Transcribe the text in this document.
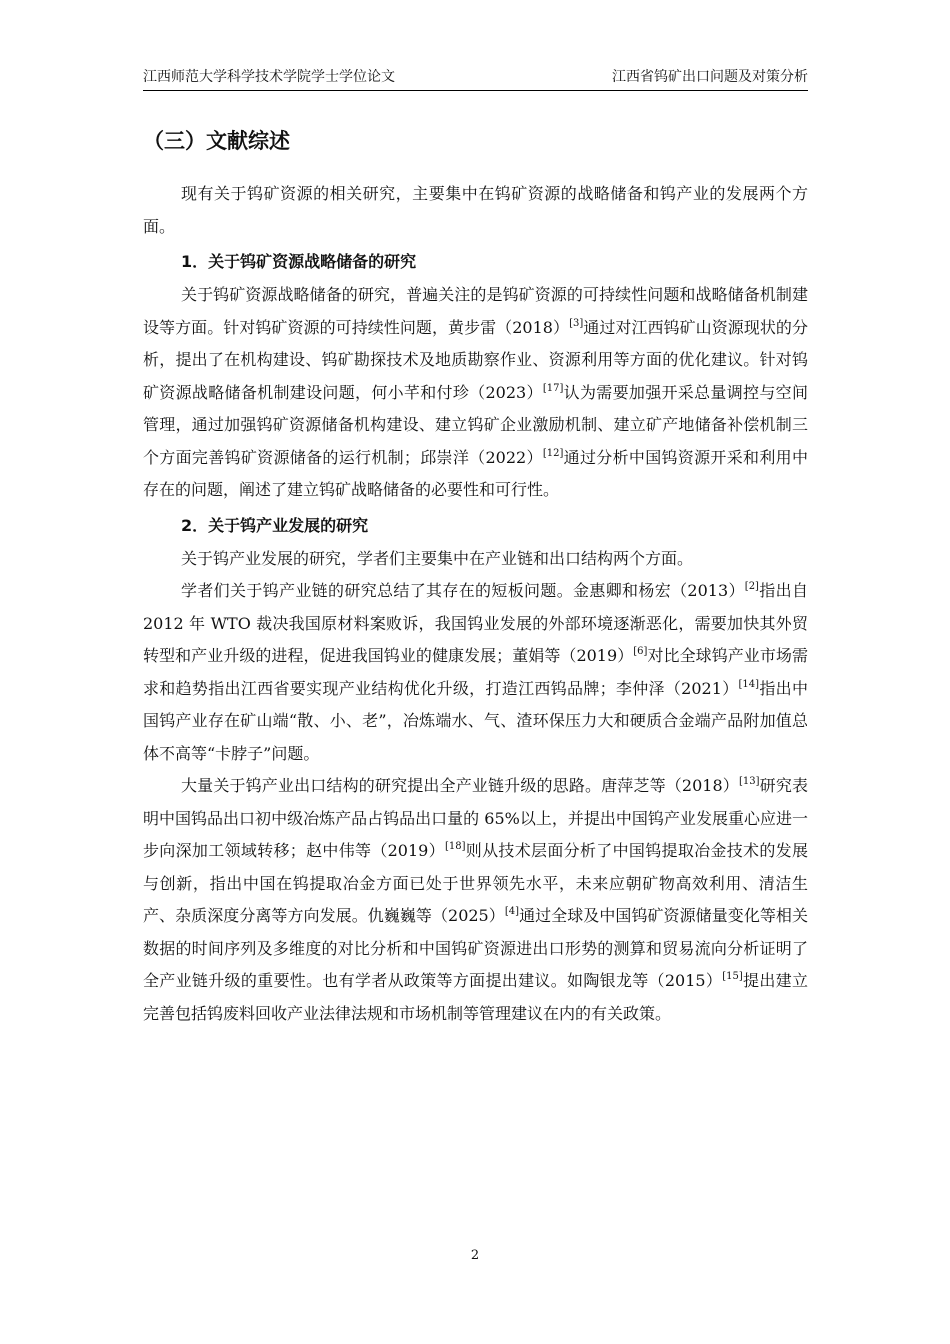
江西师范大学科学技术学院学士学位论文	江西省钨矿出口问题及对策分析
（三）文献综述

现有关于钨矿资源的相关研究，主要集中在钨矿资源的战略储备和钨产业的发展两个方面。

1．关于钨矿资源战略储备的研究

关于钨矿资源战略储备的研究，普遍关注的是钨矿资源的可持续性问题和战略储备机制建设等方面。针对钨矿资源的可持续性问题，黄步雷（2018）[3]通过对江西钨矿山资源现状的分析，提出了在机构建设、钨矿勘探技术及地质勘察作业、资源利用等方面的优化建议。针对钨矿资源战略储备机制建设问题，何小芊和付珍（2023）[17]认为需要加强开采总量调控与空间管理，通过加强钨矿资源储备机构建设、建立钨矿企业激励机制、建立矿产地储备补偿机制三个方面完善钨矿资源储备的运行机制；邱崇洋（2022）[12]通过分析中国钨资源开采和利用中存在的问题，阐述了建立钨矿战略储备的必要性和可行性。

2．关于钨产业发展的研究

关于钨产业发展的研究，学者们主要集中在产业链和出口结构两个方面。

学者们关于钨产业链的研究总结了其存在的短板问题。金惠卿和杨宏（2013）[2]指出自 2012 年 WTO 裁决我国原材料案败诉，我国钨业发展的外部环境逐渐恶化，需要加快其外贸转型和产业升级的进程，促进我国钨业的健康发展；董娟等（2019）[6]对比全球钨产业市场需求和趋势指出江西省要实现产业结构优化升级，打造江西钨品牌；李仲泽（2021）[14]指出中国钨产业存在矿山端“散、小、老”，冶炼端水、气、渣环保压力大和硬质合金端产品附加值总体不高等“卡脖子”问题。

大量关于钨产业出口结构的研究提出全产业链升级的思路。唐萍芝等（2018）[13]研究表明中国钨品出口初中级冶炼产品占钨品出口量的 65%以上，并提出中国钨产业发展重心应进一步向深加工领域转移；赵中伟等（2019）[18]则从技术层面分析了中国钨提取冶金技术的发展与创新，指出中国在钨提取冶金方面已处于世界领先水平，未来应朝矿物高效利用、清洁生产、杂质深度分离等方向发展。仇巍巍等（2025）[4]通过全球及中国钨矿资源储量变化等相关数据的时间序列及多维度的对比分析和中国钨矿资源进出口形势的测算和贸易流向分析证明了全产业链升级的重要性。也有学者从政策等方面提出建议。如陶银龙等（2015）[15]提出建立完善包括钨废料回收产业法律法规和市场机制等管理建议在内的有关政策。

2
